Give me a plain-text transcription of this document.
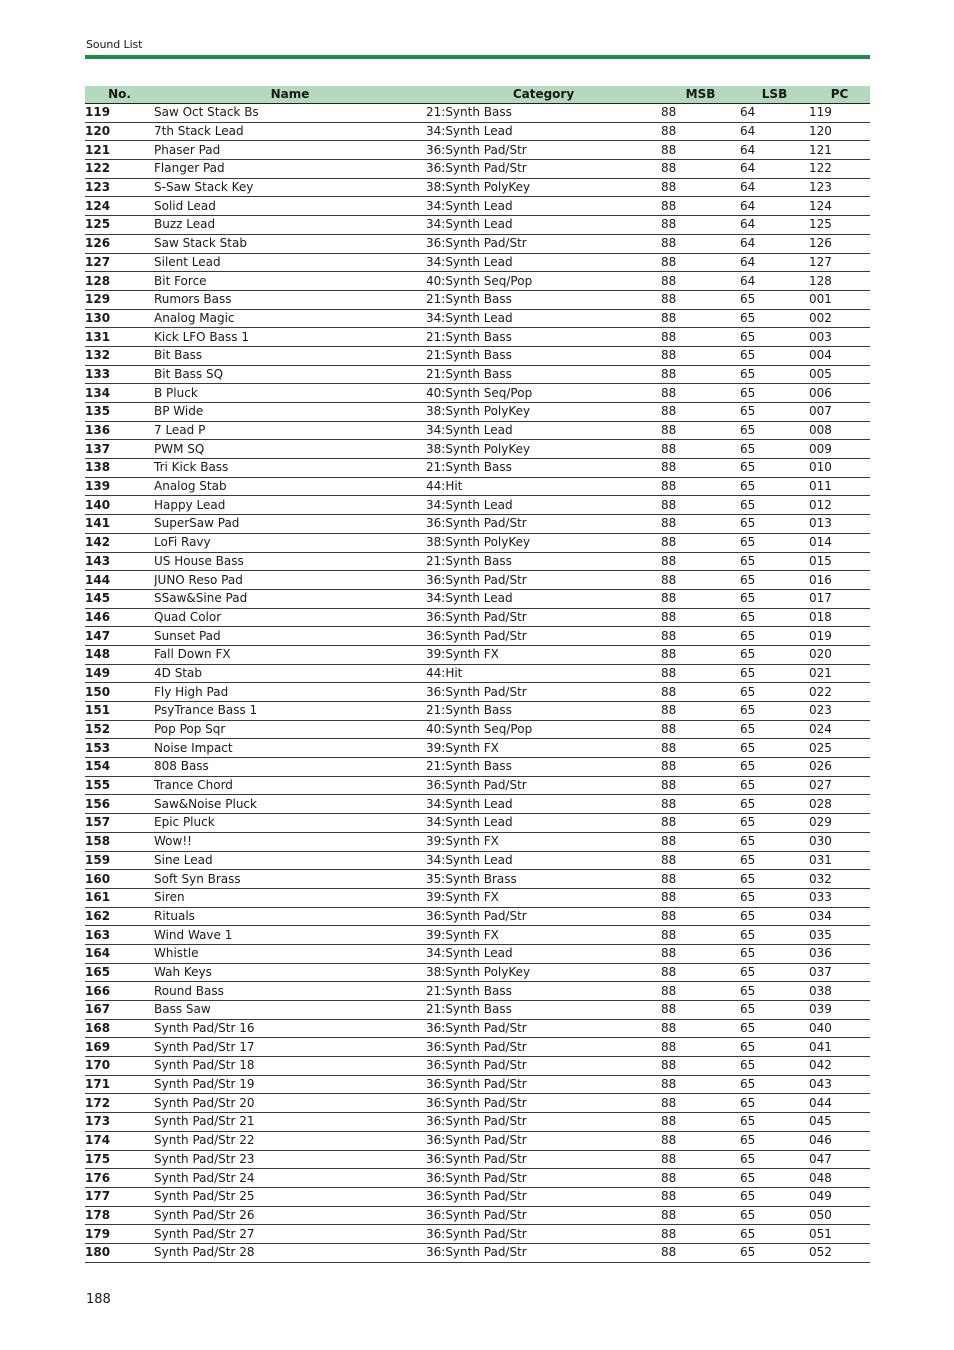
Sound List
No.	Name	Category	MSB	LSB	PC
119	Saw Oct Stack Bs	21:Synth Bass	88	64	119
120	7th Stack Lead	34:Synth Lead	88	64	120
121	Phaser Pad	36:Synth Pad/Str	88	64	121
122	Flanger Pad	36:Synth Pad/Str	88	64	122
123	S-Saw Stack Key	38:Synth PolyKey	88	64	123
124	Solid Lead	34:Synth Lead	88	64	124
125	Buzz Lead	34:Synth Lead	88	64	125
126	Saw Stack Stab	36:Synth Pad/Str	88	64	126
127	Silent Lead	34:Synth Lead	88	64	127
128	Bit Force	40:Synth Seq/Pop	88	64	128
129	Rumors Bass	21:Synth Bass	88	65	001
130	Analog Magic	34:Synth Lead	88	65	002
131	Kick LFO Bass 1	21:Synth Bass	88	65	003
132	Bit Bass	21:Synth Bass	88	65	004
133	Bit Bass SQ	21:Synth Bass	88	65	005
134	B Pluck	40:Synth Seq/Pop	88	65	006
135	BP Wide	38:Synth PolyKey	88	65	007
136	7 Lead P	34:Synth Lead	88	65	008
137	PWM SQ	38:Synth PolyKey	88	65	009
138	Tri Kick Bass	21:Synth Bass	88	65	010
139	Analog Stab	44:Hit	88	65	011
140	Happy Lead	34:Synth Lead	88	65	012
141	SuperSaw Pad	36:Synth Pad/Str	88	65	013
142	LoFi Ravy	38:Synth PolyKey	88	65	014
143	US House Bass	21:Synth Bass	88	65	015
144	JUNO Reso Pad	36:Synth Pad/Str	88	65	016
145	SSaw&Sine Pad	34:Synth Lead	88	65	017
146	Quad Color	36:Synth Pad/Str	88	65	018
147	Sunset Pad	36:Synth Pad/Str	88	65	019
148	Fall Down FX	39:Synth FX	88	65	020
149	4D Stab	44:Hit	88	65	021
150	Fly High Pad	36:Synth Pad/Str	88	65	022
151	PsyTrance Bass 1	21:Synth Bass	88	65	023
152	Pop Pop Sqr	40:Synth Seq/Pop	88	65	024
153	Noise Impact	39:Synth FX	88	65	025
154	808 Bass	21:Synth Bass	88	65	026
155	Trance Chord	36:Synth Pad/Str	88	65	027
156	Saw&Noise Pluck	34:Synth Lead	88	65	028
157	Epic Pluck	34:Synth Lead	88	65	029
158	Wow!!	39:Synth FX	88	65	030
159	Sine Lead	34:Synth Lead	88	65	031
160	Soft Syn Brass	35:Synth Brass	88	65	032
161	Siren	39:Synth FX	88	65	033
162	Rituals	36:Synth Pad/Str	88	65	034
163	Wind Wave 1	39:Synth FX	88	65	035
164	Whistle	34:Synth Lead	88	65	036
165	Wah Keys	38:Synth PolyKey	88	65	037
166	Round Bass	21:Synth Bass	88	65	038
167	Bass Saw	21:Synth Bass	88	65	039
168	Synth Pad/Str 16	36:Synth Pad/Str	88	65	040
169	Synth Pad/Str 17	36:Synth Pad/Str	88	65	041
170	Synth Pad/Str 18	36:Synth Pad/Str	88	65	042
171	Synth Pad/Str 19	36:Synth Pad/Str	88	65	043
172	Synth Pad/Str 20	36:Synth Pad/Str	88	65	044
173	Synth Pad/Str 21	36:Synth Pad/Str	88	65	045
174	Synth Pad/Str 22	36:Synth Pad/Str	88	65	046
175	Synth Pad/Str 23	36:Synth Pad/Str	88	65	047
176	Synth Pad/Str 24	36:Synth Pad/Str	88	65	048
177	Synth Pad/Str 25	36:Synth Pad/Str	88	65	049
178	Synth Pad/Str 26	36:Synth Pad/Str	88	65	050
179	Synth Pad/Str 27	36:Synth Pad/Str	88	65	051
180	Synth Pad/Str 28	36:Synth Pad/Str	88	65	052
188
